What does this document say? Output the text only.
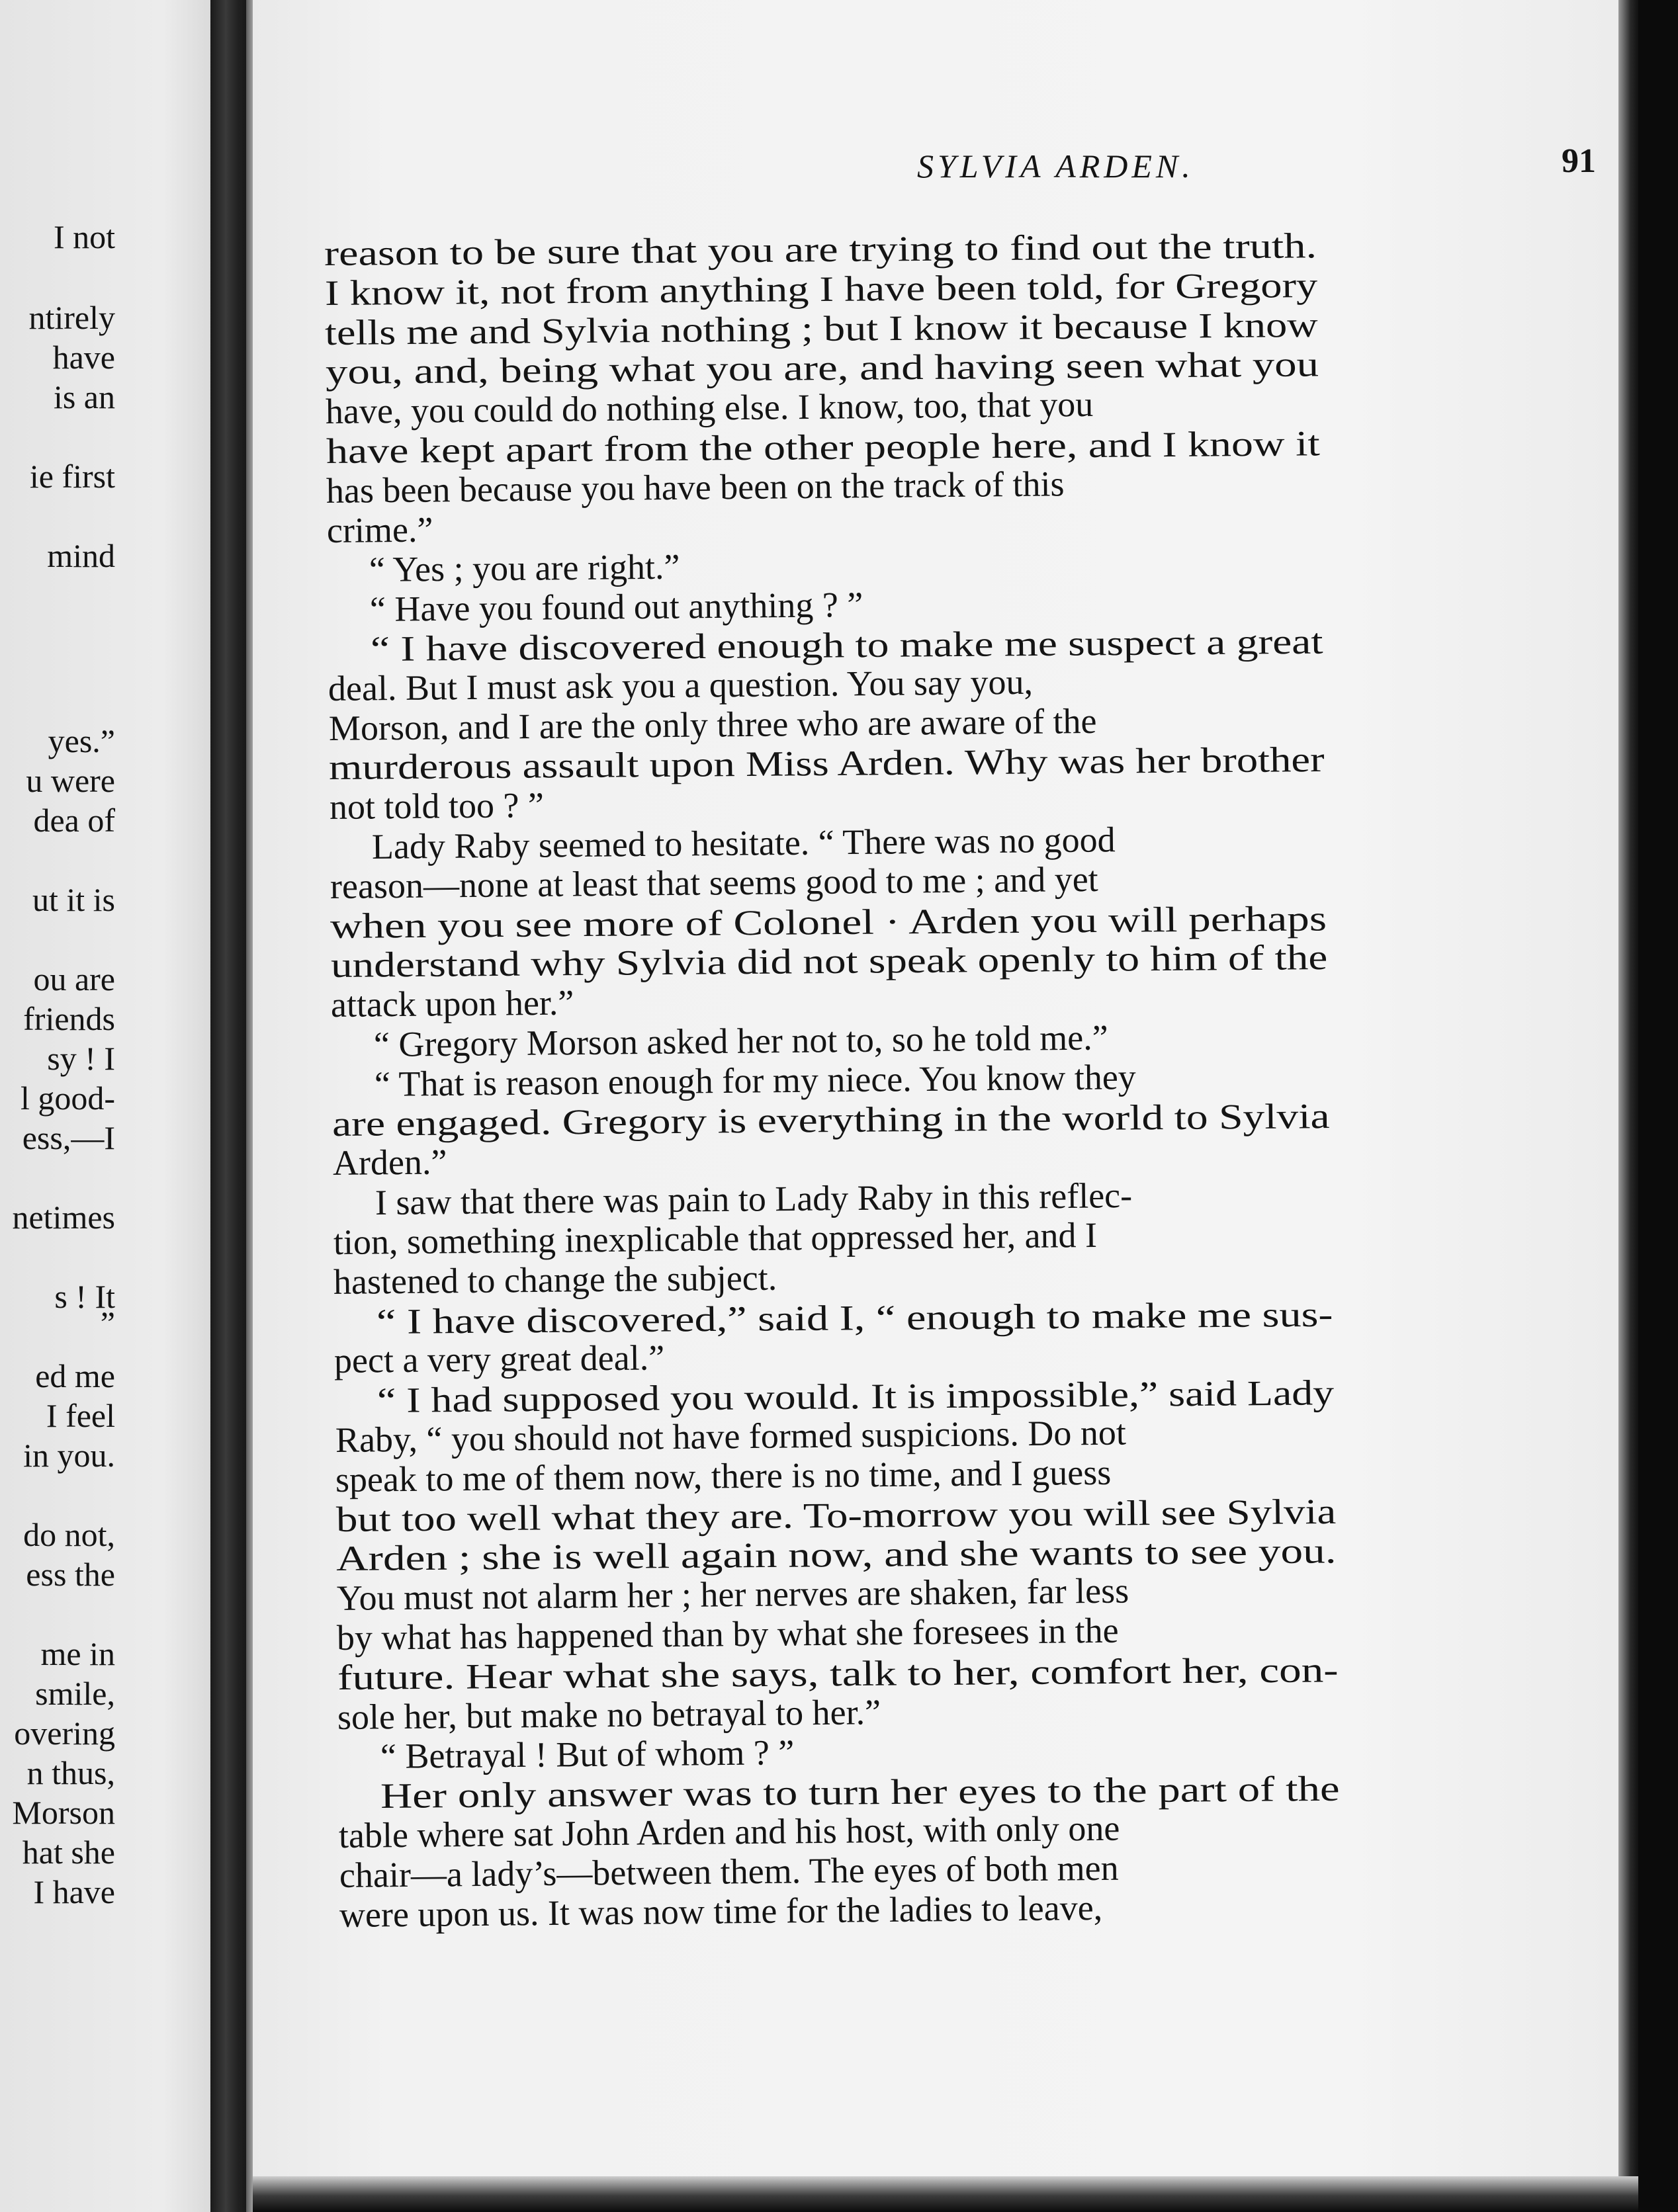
I not
ntirely
have
is an
ie first
mind
yes.”
u were
dea of
ut it is
ou are
friends
sy ! I
l good-
ess,—I
netimes
s ! It
”
ed me
I feel
in you.
do not,
ess the
me in
smile,
overing
n thus,
Morson
hat she
I have
SYLVIA ARDEN.	91
reason to be sure that you are trying to find out the truth.
I know it, not from anything I have been told, for Gregory
tells me and Sylvia nothing ; but I know it because I know
you, and, being what you are, and having seen what you
have, you could do nothing else. I know, too, that you
have kept apart from the other people here, and I know it
has been because you have been on the track of this
crime.”
“ Yes ; you are right.”
“ Have you found out anything ? ”
“ I have discovered enough to make me suspect a great
deal. But I must ask you a question. You say you,
Morson, and I are the only three who are aware of the
murderous assault upon Miss Arden. Why was her brother
not told too ? ”
Lady Raby seemed to hesitate. “ There was no good
reason—none at least that seems good to me ; and yet
when you see more of Colonel · Arden you will perhaps
understand why Sylvia did not speak openly to him of the
attack upon her.”
“ Gregory Morson asked her not to, so he told me.”
“ That is reason enough for my niece. You know they
are engaged. Gregory is everything in the world to Sylvia
Arden.”
I saw that there was pain to Lady Raby in this reflec-
tion, something inexplicable that oppressed her, and I
hastened to change the subject.
“ I have discovered,” said I, “ enough to make me sus-
pect a very great deal.”
“ I had supposed you would. It is impossible,” said Lady
Raby, “ you should not have formed suspicions. Do not
speak to me of them now, there is no time, and I guess
but too well what they are. To-morrow you will see Sylvia
Arden ; she is well again now, and she wants to see you.
You must not alarm her ; her nerves are shaken, far less
by what has happened than by what she foresees in the
future. Hear what she says, talk to her, comfort her, con-
sole her, but make no betrayal to her.”
“ Betrayal ! But of whom ? ”
Her only answer was to turn her eyes to the part of the
table where sat John Arden and his host, with only one
chair—a lady’s—between them. The eyes of both men
were upon us. It was now time for the ladies to leave,
